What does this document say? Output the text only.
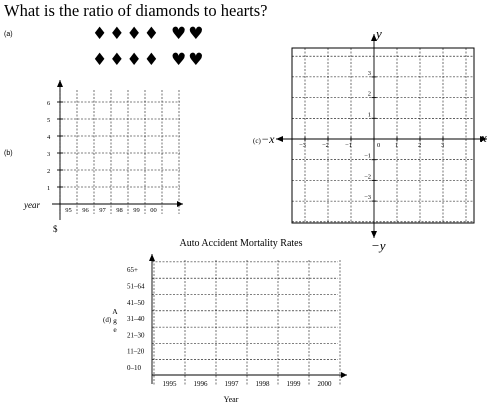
What is the ratio of diamonds to hearts?
(a)	♦♦♦♦
♦♦♦♦
♥♥
♥♥
(b)
1
2
3
4
5
6
95 96 97 98 99 00
year
$
(c)
−3 −2 −1	0 1	2	3
1
2
3
−1
−2
−3
−x	x
y
−y
Auto Accident Mortality Rates
(d)
0–10
11–20
21–30
31–40
41–50
51–64
65+
1995 1996 1997 1998 1999 2000
Year
A
g
e
